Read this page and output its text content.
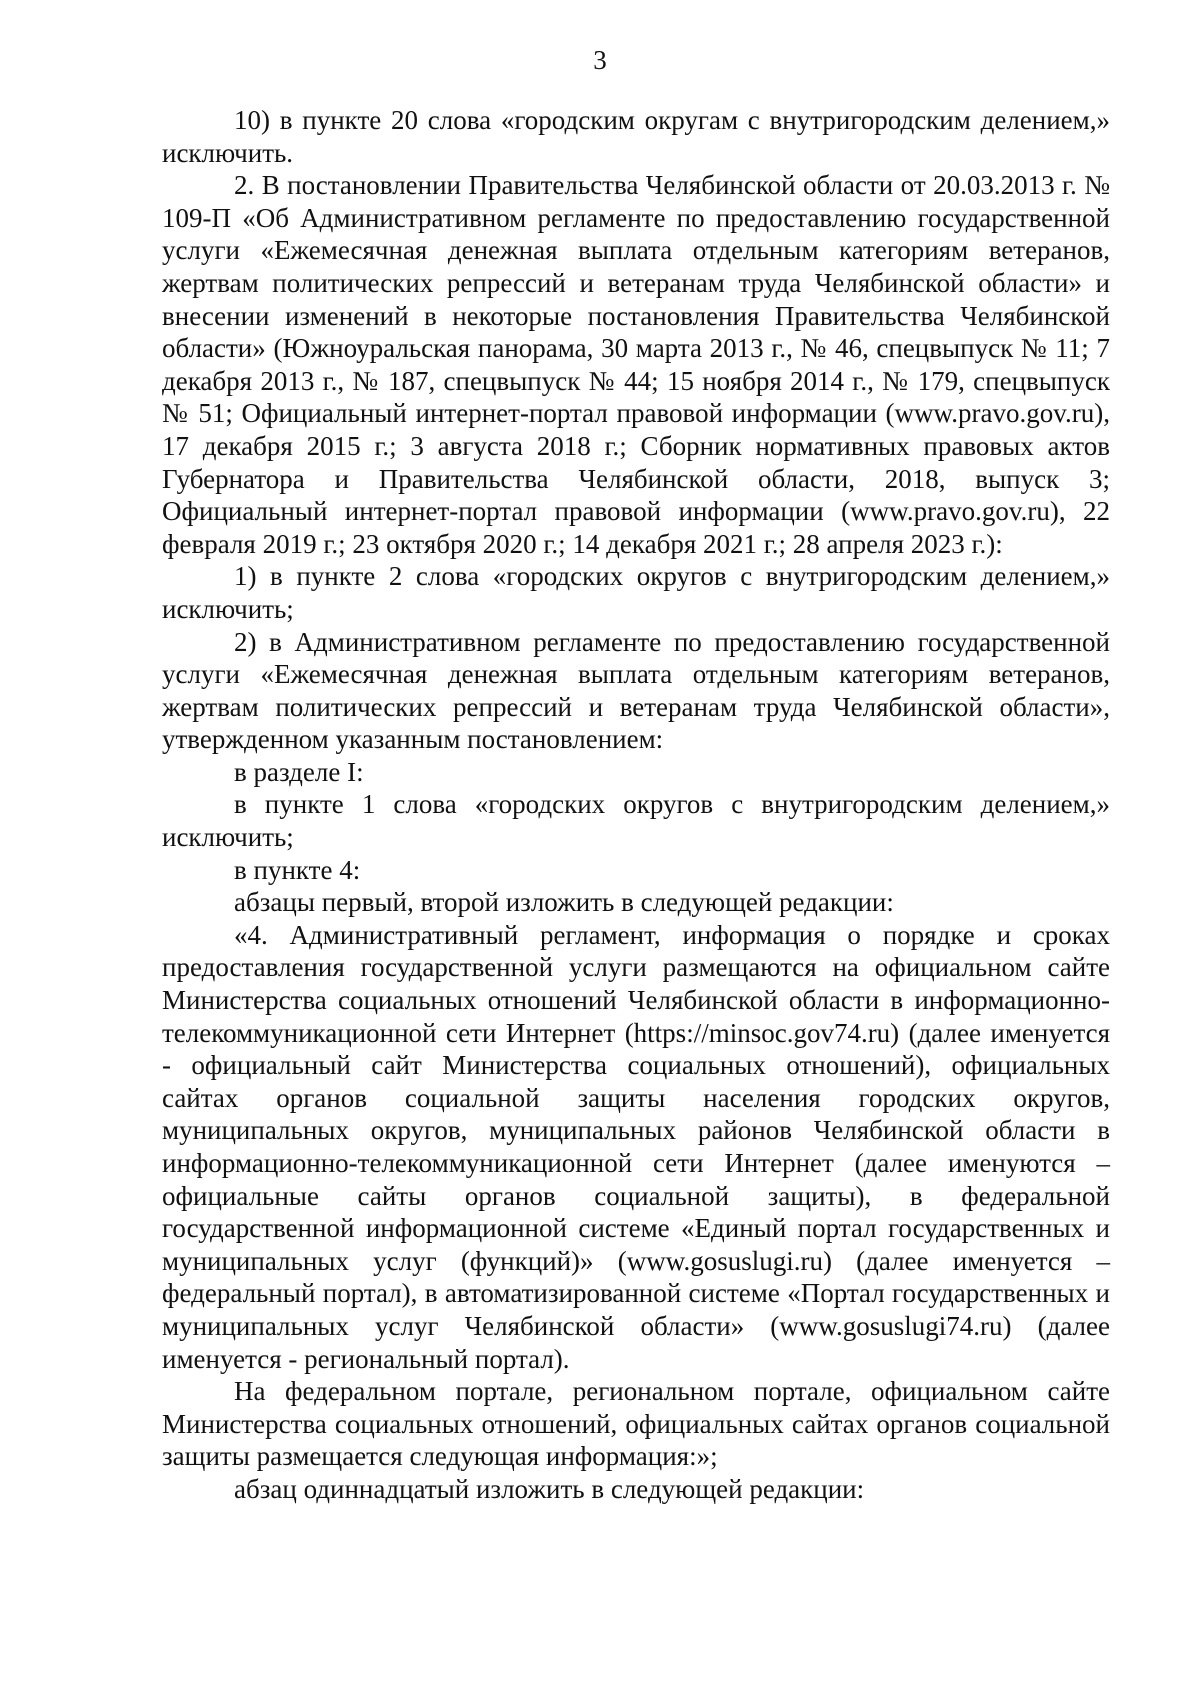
3

10) в пункте 20 слова «городским округам с внутригородским делением,» исключить.

2. В постановлении Правительства Челябинской области от 20.03.2013 г. № 109-П «Об Административном регламенте по предоставлению государственной услуги «Ежемесячная денежная выплата отдельным категориям ветеранов, жертвам политических репрессий и ветеранам труда Челябинской области» и внесении изменений в некоторые постановления Правительства Челябинской области» (Южноуральская панорама, 30 марта 2013 г., № 46, спецвыпуск № 11; 7 декабря 2013 г., № 187, спецвыпуск № 44; 15 ноября 2014 г., № 179, спецвыпуск № 51; Официальный интернет-портал правовой информации (www.pravo.gov.ru), 17 декабря 2015 г.; 3 августа 2018 г.; Сборник нормативных правовых актов Губернатора и Правительства Челябинской области, 2018, выпуск 3; Официальный интернет-портал правовой информации (www.pravo.gov.ru), 22 февраля 2019 г.; 23 октября 2020 г.; 14 декабря 2021 г.; 28 апреля 2023 г.):

1) в пункте 2 слова «городских округов с внутригородским делением,» исключить;

2) в Административном регламенте по предоставлению государственной услуги «Ежемесячная денежная выплата отдельным категориям ветеранов, жертвам политических репрессий и ветеранам труда Челябинской области», утвержденном указанным постановлением:

в разделе I:

в пункте 1 слова «городских округов с внутригородским делением,» исключить;

в пункте 4:

абзацы первый, второй изложить в следующей редакции:

«4. Административный регламент, информация о порядке и сроках предоставления государственной услуги размещаются на официальном сайте Министерства социальных отношений Челябинской области в информационно-телекоммуникационной сети Интернет (https://minsoc.gov74.ru) (далее именуется - официальный сайт Министерства социальных отношений), официальных сайтах органов социальной защиты населения городских округов, муниципальных округов, муниципальных районов Челябинской области в информационно-телекоммуникационной сети Интернет (далее именуются – официальные сайты органов социальной защиты), в федеральной государственной информационной системе «Единый портал государственных и муниципальных услуг (функций)» (www.gosuslugi.ru) (далее именуется – федеральный портал), в автоматизированной системе «Портал государственных и муниципальных услуг Челябинской области» (www.gosuslugi74.ru) (далее именуется - региональный портал).

На федеральном портале, региональном портале, официальном сайте Министерства социальных отношений, официальных сайтах органов социальной защиты размещается следующая информация:»;

абзац одиннадцатый изложить в следующей редакции:
